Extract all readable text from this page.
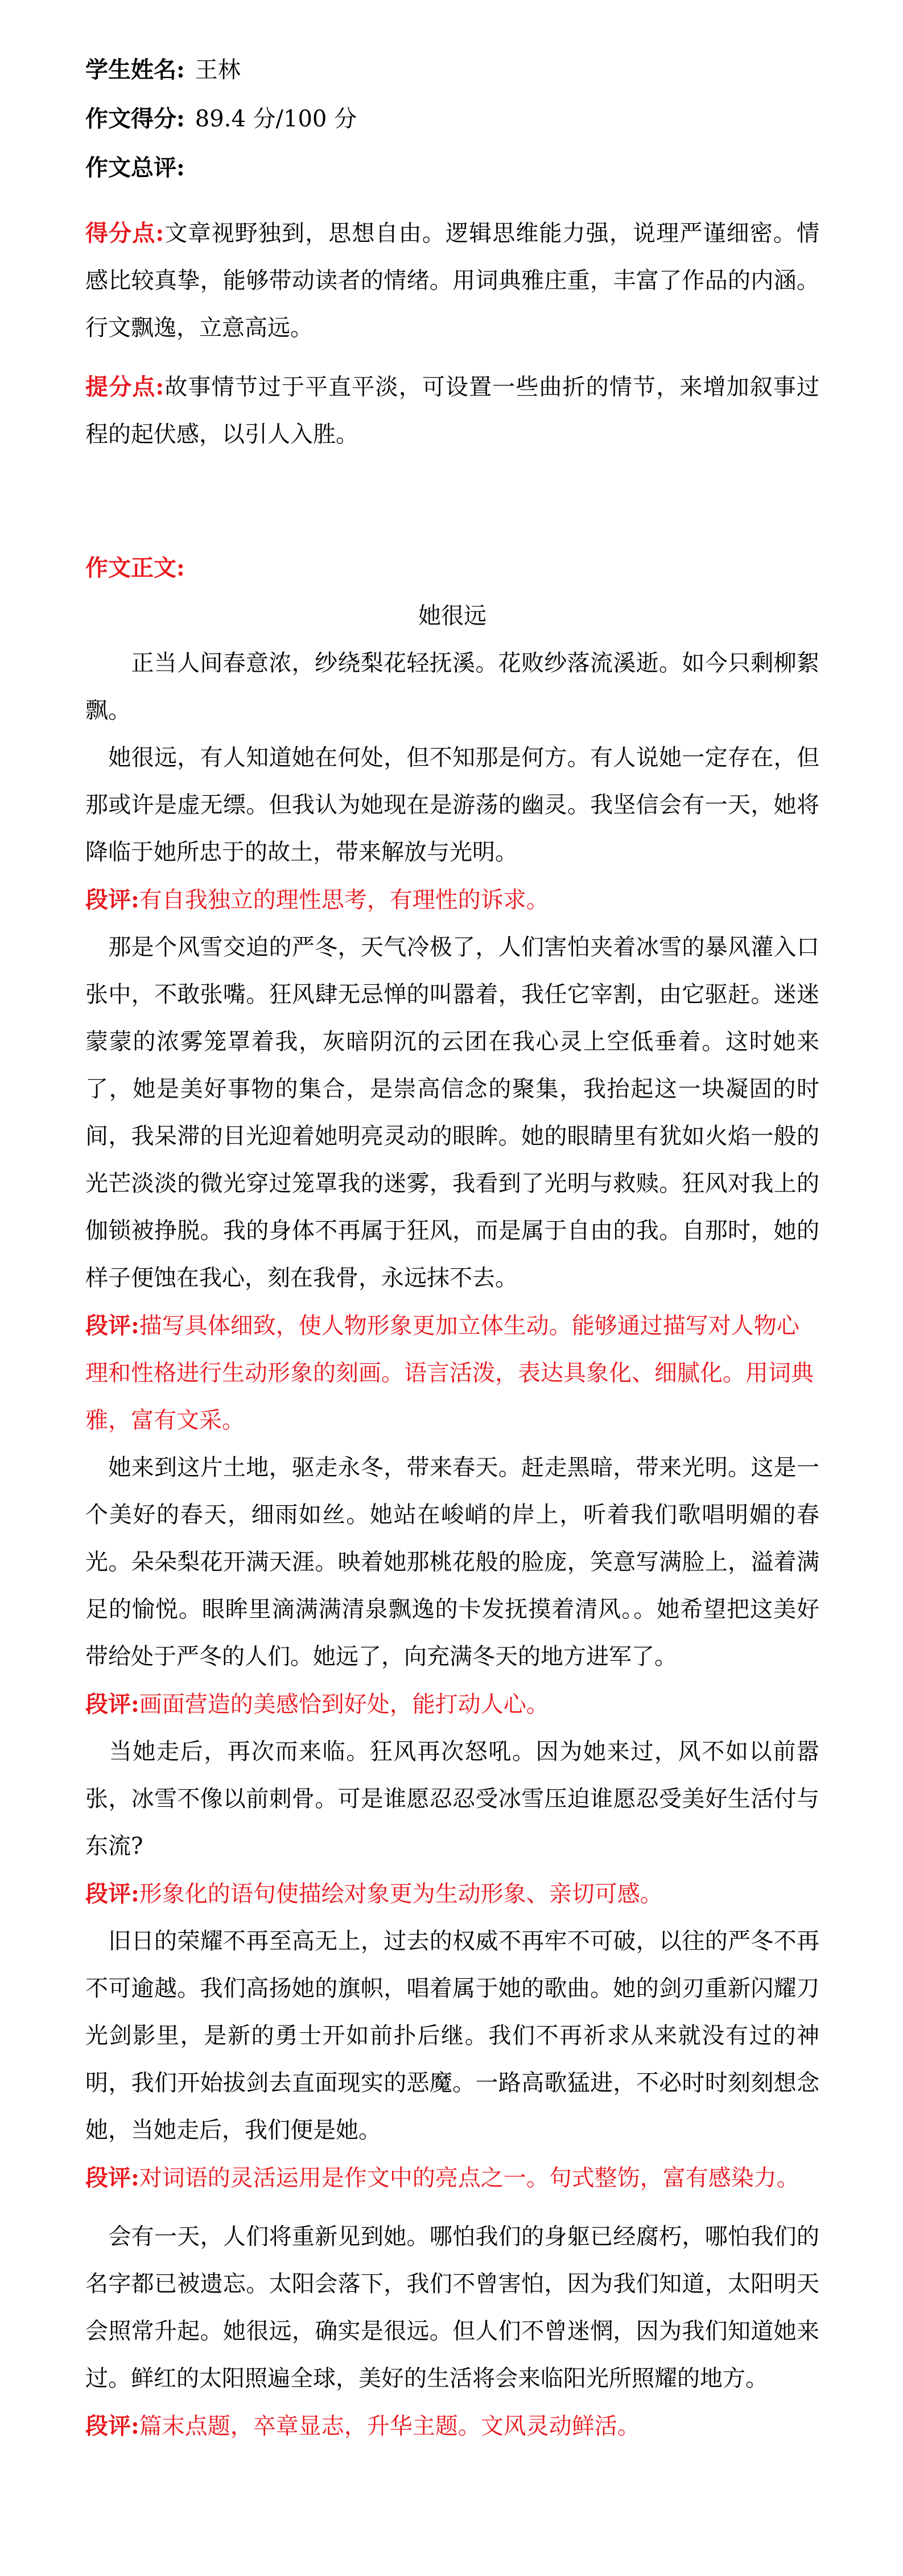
学生姓名: 王林
作文得分: 89.4 分/100 分
作文总评:

得分点:文章视野独到，思想自由。逻辑思维能力强，说理严谨细密。情感比较真挚，能够带动读者的情绪。用词典雅庄重，丰富了作品的内涵。行文飘逸，立意高远。

提分点:故事情节过于平直平淡，可设置一些曲折的情节，来增加叙事过程的起伏感，以引人入胜。

作文正文:

她很远

正当人间春意浓，纱绕梨花轻抚溪。花败纱落流溪逝。如今只剩柳絮飘。

她很远，有人知道她在何处，但不知那是何方。有人说她一定存在，但那或许是虚无缥。但我认为她现在是游荡的幽灵。我坚信会有一天，她将降临于她所忠于的故土，带来解放与光明。

段评:有自我独立的理性思考，有理性的诉求。

那是个风雪交迫的严冬，天气冷极了，人们害怕夹着冰雪的暴风灌入口张中，不敢张嘴。狂风肆无忌惮的叫嚣着，我任它宰割，由它驱赶。迷迷蒙蒙的浓雾笼罩着我，灰暗阴沉的云团在我心灵上空低垂着。这时她来了，她是美好事物的集合，是崇高信念的聚集，我抬起这一块凝固的时间，我呆滞的目光迎着她明亮灵动的眼眸。她的眼睛里有犹如火焰一般的光芒淡淡的微光穿过笼罩我的迷雾，我看到了光明与救赎。狂风对我上的伽锁被挣脱。我的身体不再属于狂风，而是属于自由的我。自那时，她的样子便蚀在我心，刻在我骨，永远抹不去。

段评:描写具体细致，使人物形象更加立体生动。能够通过描写对人物心理和性格进行生动形象的刻画。语言活泼，表达具象化、细腻化。用词典雅，富有文采。

她来到这片土地，驱走永冬，带来春天。赶走黑暗，带来光明。这是一个美好的春天，细雨如丝。她站在峻峭的岸上，听着我们歌唱明媚的春光。朵朵梨花开满天涯。映着她那桃花般的脸庞，笑意写满脸上，溢着满足的愉悦。眼眸里滴满满清泉飘逸的卡发抚摸着清风。。她希望把这美好带给处于严冬的人们。她远了，向充满冬天的地方进军了。

段评:画面营造的美感恰到好处，能打动人心。

当她走后，再次而来临。狂风再次怒吼。因为她来过，风不如以前嚣张，冰雪不像以前刺骨。可是谁愿忍忍受冰雪压迫谁愿忍受美好生活付与东流?

段评:形象化的语句使描绘对象更为生动形象、亲切可感。

旧日的荣耀不再至高无上，过去的权威不再牢不可破，以往的严冬不再不可逾越。我们高扬她的旗帜，唱着属于她的歌曲。她的剑刃重新闪耀刀光剑影里，是新的勇士开如前扑后继。我们不再祈求从来就没有过的神明，我们开始拔剑去直面现实的恶魔。一路高歌猛进，不必时时刻刻想念她，当她走后，我们便是她。

段评:对词语的灵活运用是作文中的亮点之一。句式整饬，富有感染力。

会有一天，人们将重新见到她。哪怕我们的身躯已经腐朽，哪怕我们的名字都已被遗忘。太阳会落下，我们不曾害怕，因为我们知道，太阳明天会照常升起。她很远，确实是很远。但人们不曾迷惘，因为我们知道她来过。鲜红的太阳照遍全球，美好的生活将会来临阳光所照耀的地方。

段评:篇末点题，卒章显志，升华主题。文风灵动鲜活。
